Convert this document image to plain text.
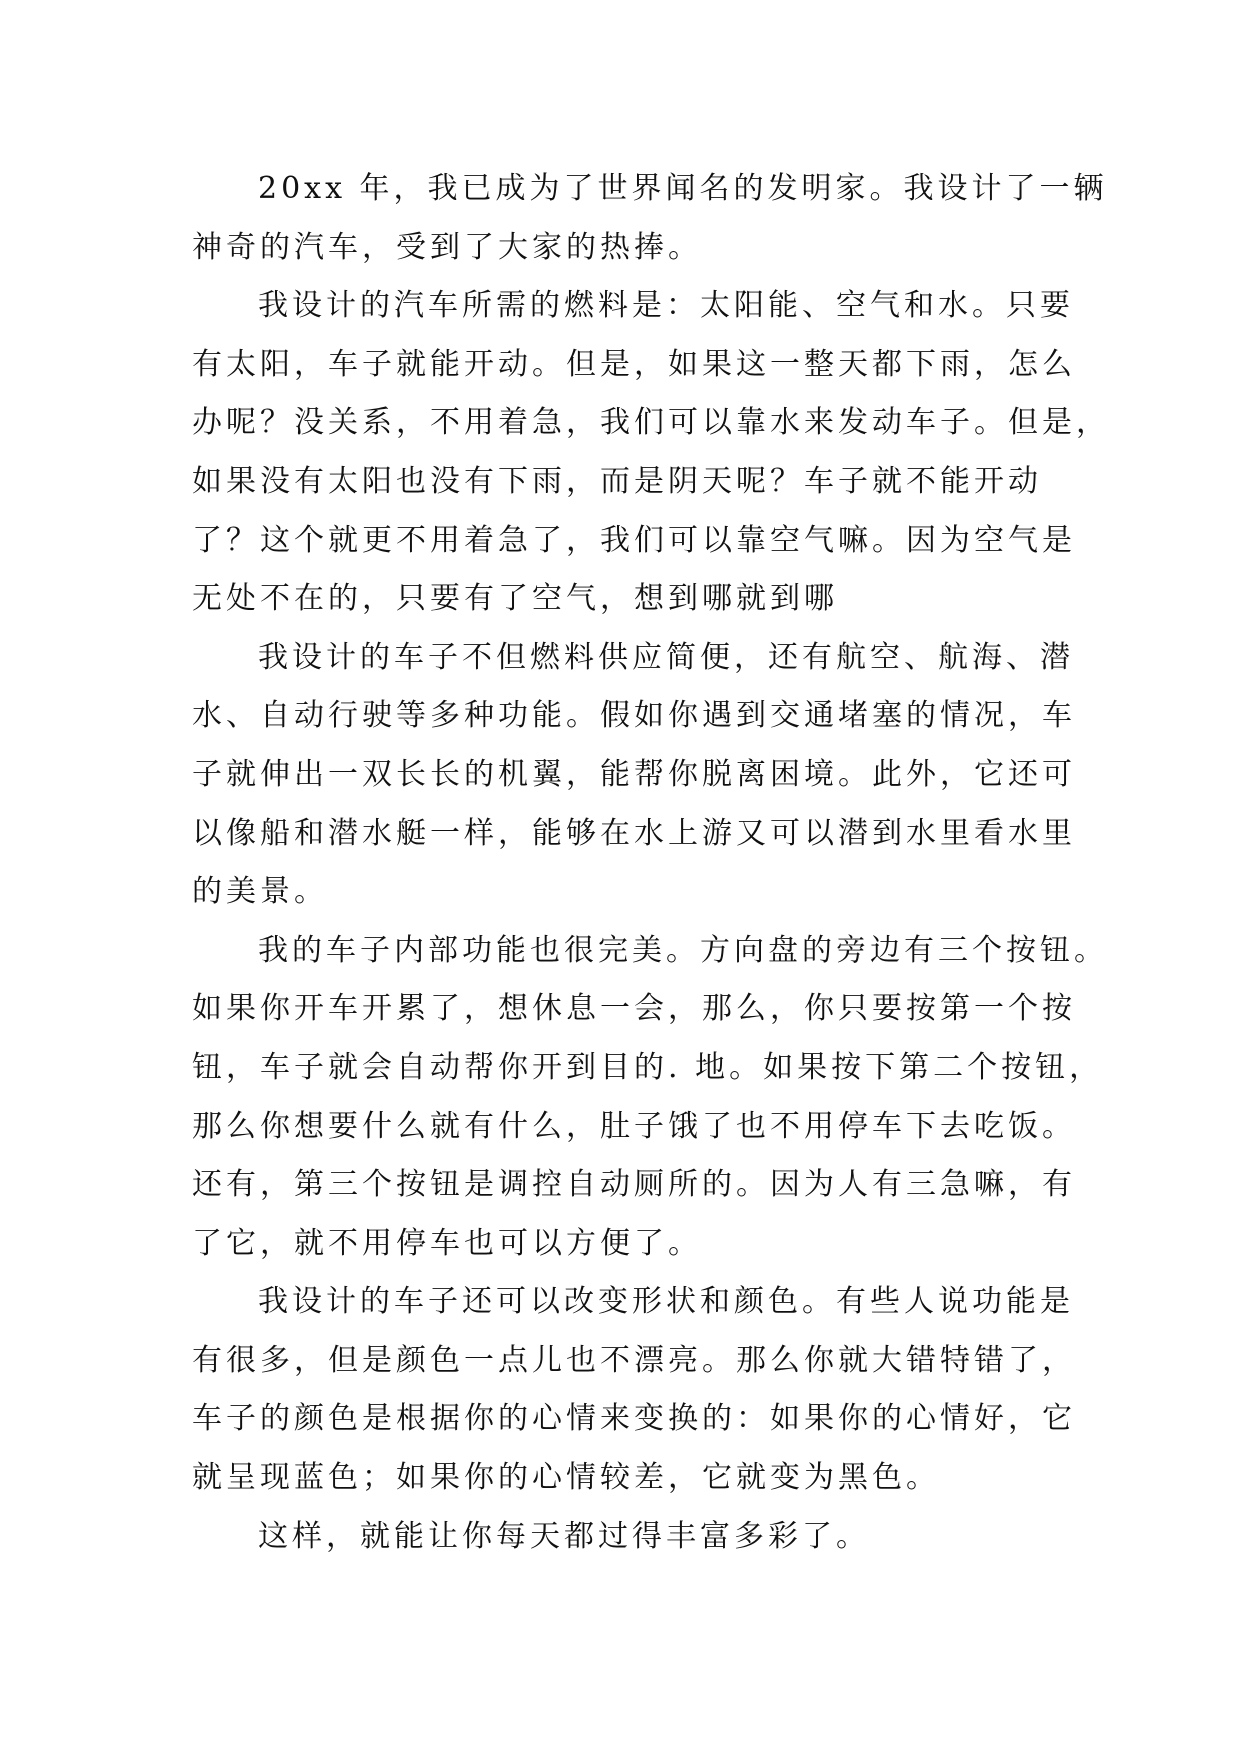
20xx 年，我已成为了世界闻名的发明家。我设计了一辆
神奇的汽车，受到了大家的热捧。
我设计的汽车所需的燃料是：太阳能、空气和水。只要
有太阳，车子就能开动。但是，如果这一整天都下雨，怎么
办呢？没关系，不用着急，我们可以靠水来发动车子。但是，
如果没有太阳也没有下雨，而是阴天呢？车子就不能开动
了？这个就更不用着急了，我们可以靠空气嘛。因为空气是
无处不在的，只要有了空气，想到哪就到哪
我设计的车子不但燃料供应简便，还有航空、航海、潜
水、自动行驶等多种功能。假如你遇到交通堵塞的情况，车
子就伸出一双长长的机翼，能帮你脱离困境。此外，它还可
以像船和潜水艇一样，能够在水上游又可以潜到水里看水里
的美景。
我的车子内部功能也很完美。方向盘的旁边有三个按钮。
如果你开车开累了，想休息一会，那么，你只要按第一个按
钮，车子就会自动帮你开到目的. 地。如果按下第二个按钮，
那么你想要什么就有什么，肚子饿了也不用停车下去吃饭。
还有，第三个按钮是调控自动厕所的。因为人有三急嘛，有
了它，就不用停车也可以方便了。
我设计的车子还可以改变形状和颜色。有些人说功能是
有很多，但是颜色一点儿也不漂亮。那么你就大错特错了，
车子的颜色是根据你的心情来变换的：如果你的心情好，它
就呈现蓝色；如果你的心情较差，它就变为黑色。
这样，就能让你每天都过得丰富多彩了。
